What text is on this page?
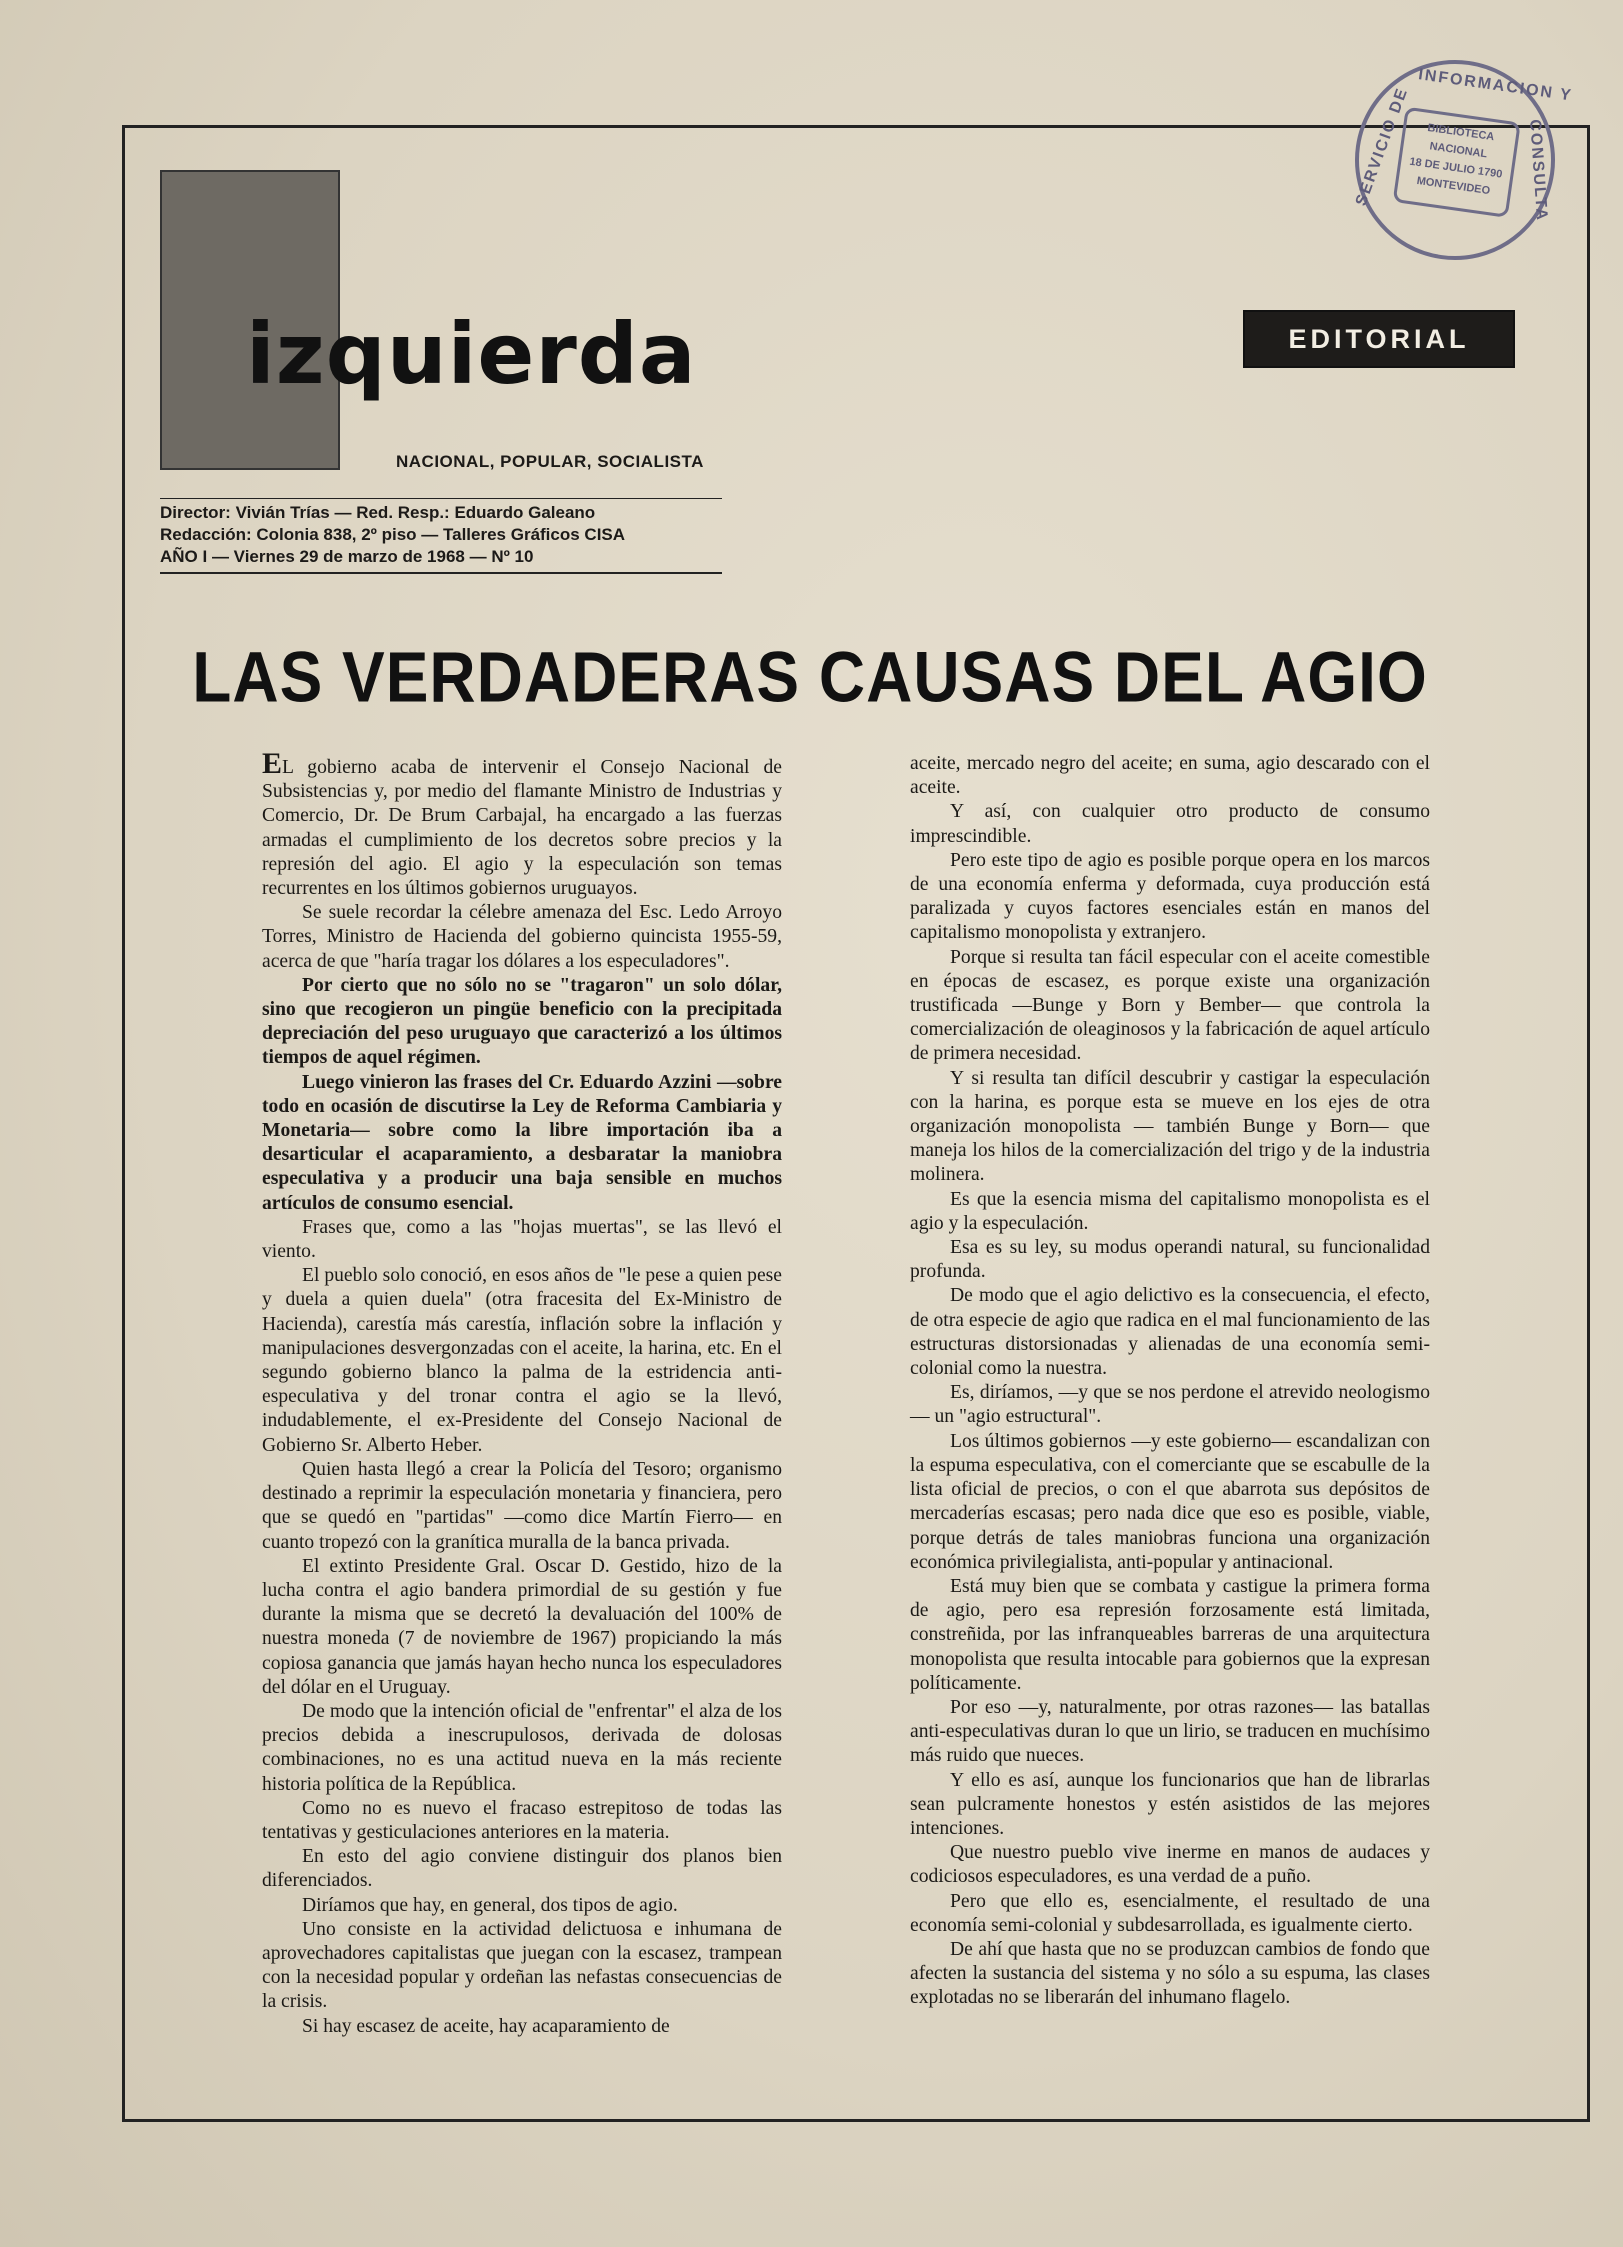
izquierda
NACIONAL, POPULAR, SOCIALISTA
Director: Vivián Trías — Red. Resp.: Eduardo Galeano
Redacción: Colonia 838, 2º piso — Talleres Gráficos CISA
AÑO I — Viernes 29 de marzo de 1968 — Nº 10
EDITORIAL
INFORMACION Y
SERVICIO DE	CONSULTA
BIBLIOTECA
NACIONAL
18 DE JULIO 1790
MONTEVIDEO
LAS VERDADERAS CAUSAS DEL AGIO

EL gobierno acaba de intervenir el Consejo Nacional de Subsistencias y, por medio del flamante Ministro de Industrias y Comercio, Dr. De Brum Carbajal, ha encargado a las fuerzas armadas el cumplimiento de los decretos sobre precios y la represión del agio. El agio y la especulación son temas recurrentes en los últimos gobiernos uruguayos.

Se suele recordar la célebre amenaza del Esc. Ledo Arroyo Torres, Ministro de Hacienda del gobierno quincista 1955-59, acerca de que "haría tragar los dólares a los especuladores".

Por cierto que no sólo no se "tragaron" un solo dólar, sino que recogieron un pingüe beneficio con la precipitada depreciación del peso uruguayo que caracterizó a los últimos tiempos de aquel régimen.

Luego vinieron las frases del Cr. Eduardo Azzini —sobre todo en ocasión de discutirse la Ley de Reforma Cambiaria y Monetaria— sobre como la libre importación iba a desarticular el acaparamiento, a desbaratar la maniobra especulativa y a producir una baja sensible en muchos artículos de consumo esencial.

Frases que, como a las "hojas muertas", se las llevó el viento.

El pueblo solo conoció, en esos años de "le pese a quien pese y duela a quien duela" (otra fracesita del Ex-Ministro de Hacienda), carestía más carestía, inflación sobre la inflación y manipulaciones desvergonzadas con el aceite, la harina, etc. En el segundo gobierno blanco la palma de la estridencia anti-especulativa y del tronar contra el agio se la llevó, indudablemente, el ex-Presidente del Consejo Nacional de Gobierno Sr. Alberto Heber.

Quien hasta llegó a crear la Policía del Tesoro; organismo destinado a reprimir la especulación monetaria y financiera, pero que se quedó en "partidas" —como dice Martín Fierro— en cuanto tropezó con la granítica muralla de la banca privada.

El extinto Presidente Gral. Oscar D. Gestido, hizo de la lucha contra el agio bandera primordial de su gestión y fue durante la misma que se decretó la devaluación del 100% de nuestra moneda (7 de noviembre de 1967) propiciando la más copiosa ganancia que jamás hayan hecho nunca los especuladores del dólar en el Uruguay.

De modo que la intención oficial de "enfrentar" el alza de los precios debida a inescrupulosos, derivada de dolosas combinaciones, no es una actitud nueva en la más reciente historia política de la República.

Como no es nuevo el fracaso estrepitoso de todas las tentativas y gesticulaciones anteriores en la materia.

En esto del agio conviene distinguir dos planos bien diferenciados.

Diríamos que hay, en general, dos tipos de agio.

Uno consiste en la actividad delictuosa e inhumana de aprovechadores capitalistas que juegan con la escasez, trampean con la necesidad popular y ordeñan las nefastas consecuencias de la crisis.

Si hay escasez de aceite, hay acaparamiento de

aceite, mercado negro del aceite; en suma, agio descarado con el aceite.

Y así, con cualquier otro producto de consumo imprescindible.

Pero este tipo de agio es posible porque opera en los marcos de una economía enferma y deformada, cuya producción está paralizada y cuyos factores esenciales están en manos del capitalismo monopolista y extranjero.

Porque si resulta tan fácil especular con el aceite comestible en épocas de escasez, es porque existe una organización trustificada —Bunge y Born y Bember— que controla la comercialización de oleaginosos y la fabricación de aquel artículo de primera necesidad.

Y si resulta tan difícil descubrir y castigar la especulación con la harina, es porque esta se mueve en los ejes de otra organización monopolista — también Bunge y Born— que maneja los hilos de la comercialización del trigo y de la industria molinera.

Es que la esencia misma del capitalismo monopolista es el agio y la especulación.

Esa es su ley, su modus operandi natural, su funcionalidad profunda.

De modo que el agio delictivo es la consecuencia, el efecto, de otra especie de agio que radica en el mal funcionamiento de las estructuras distorsionadas y alienadas de una economía semi-colonial como la nuestra.

Es, diríamos, —y que se nos perdone el atrevido neologismo— un "agio estructural".

Los últimos gobiernos —y este gobierno— escandalizan con la espuma especulativa, con el comerciante que se escabulle de la lista oficial de precios, o con el que abarrota sus depósitos de mercaderías escasas; pero nada dice que eso es posible, viable, porque detrás de tales maniobras funciona una organización económica privilegialista, anti-popular y antinacional.

Está muy bien que se combata y castigue la primera forma de agio, pero esa represión forzosamente está limitada, constreñida, por las infranqueables barreras de una arquitectura monopolista que resulta intocable para gobiernos que la expresan políticamente.

Por eso —y, naturalmente, por otras razones— las batallas anti-especulativas duran lo que un lirio, se traducen en muchísimo más ruido que nueces.

Y ello es así, aunque los funcionarios que han de librarlas sean pulcramente honestos y estén asistidos de las mejores intenciones.

Que nuestro pueblo vive inerme en manos de audaces y codiciosos especuladores, es una verdad de a puño.

Pero que ello es, esencialmente, el resultado de una economía semi-colonial y subdesarrollada, es igualmente cierto.

De ahí que hasta que no se produzcan cambios de fondo que afecten la sustancia del sistema y no sólo a su espuma, las clases explotadas no se liberarán del inhumano flagelo.
